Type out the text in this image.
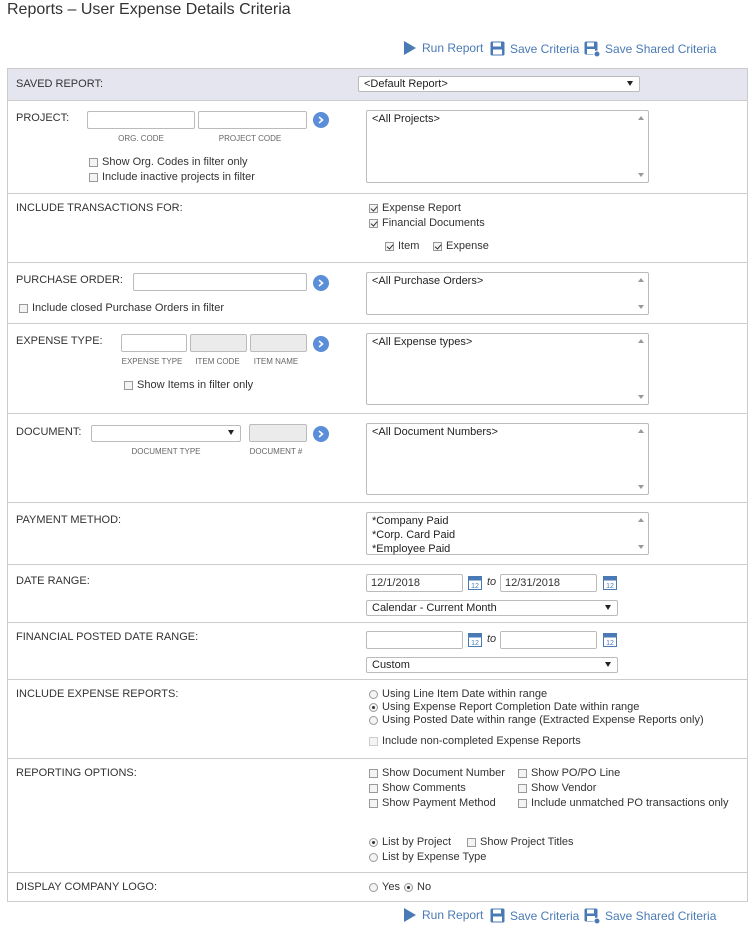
Reports – User Expense Details Criteria
Run Report Save Criteria Save Shared Criteria
SAVED REPORT:	<Default Report>
PROJECT:
ORG. CODE	PROJECT CODE
Show Org. Codes in filter only
Include inactive projects in filter
<All Projects>
INCLUDE TRANSACTIONS FOR:	Expense Report
Financial Documents
Item Expense
PURCHASE ORDER:
Include closed Purchase Orders in filter
<All Purchase Orders>
EXPENSE TYPE:
EXPENSE TYPE	ITEM CODE	ITEM NAME
Show Items in filter only
<All Expense types>
DOCUMENT:
DOCUMENT TYPE	DOCUMENT #
<All Document Numbers>
PAYMENT METHOD:	*Company Paid
*Corp. Card Paid
*Employee Paid
DATE RANGE:	12/1/2018	12 to 12/31/2018	12
Calendar - Current Month
FINANCIAL POSTED DATE RANGE:
12 to	12
Custom
INCLUDE EXPENSE REPORTS:	Using Line Item Date within range
Using Expense Report Completion Date within range
Using Posted Date within range (Extracted Expense Reports only)
Include non-completed Expense Reports
REPORTING OPTIONS:	Show Document Number Show PO/PO Line
Show Comments	Show Vendor
Show Payment Method	Include unmatched PO transactions only
List by Project	Show Project Titles
List by Expense Type
DISPLAY COMPANY LOGO:	Yes No
Run Report Save Criteria Save Shared Criteria
